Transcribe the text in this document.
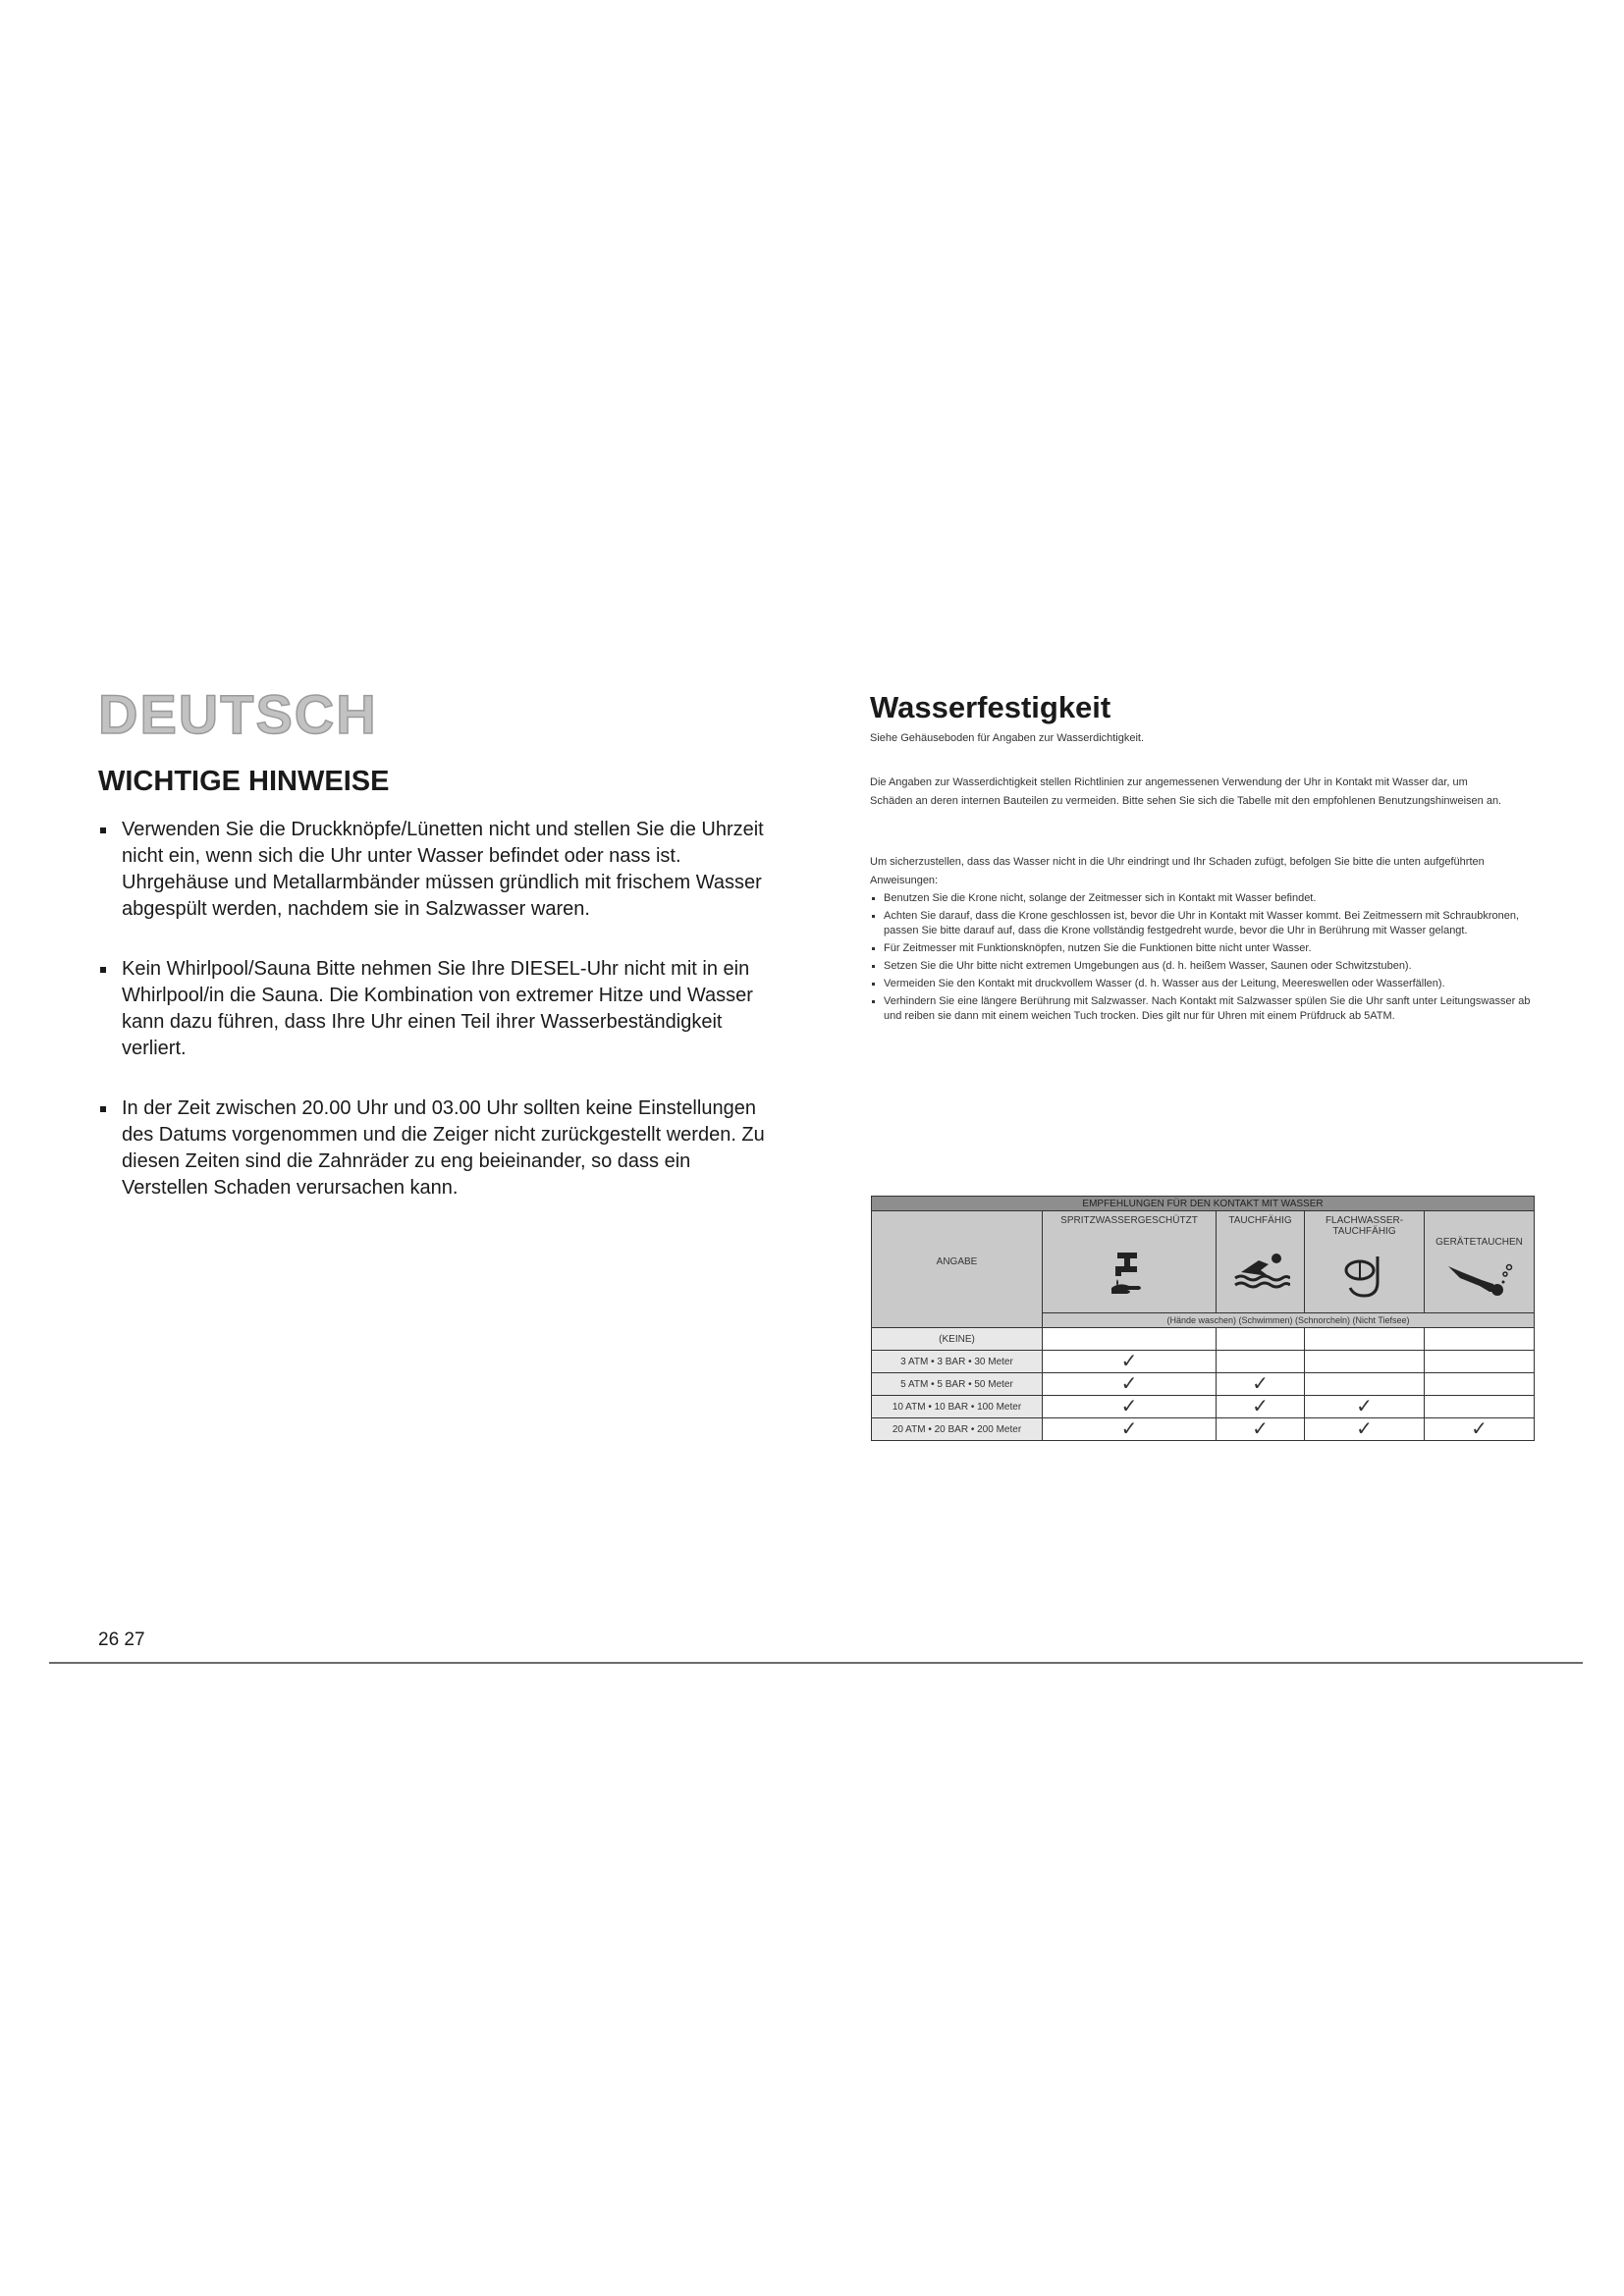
DEUTSCH
WICHTIGE HINWEISE
Verwenden Sie die Druckknöpfe/Lünetten nicht und stellen Sie die Uhrzeit nicht ein, wenn sich die Uhr unter Wasser befindet oder nass ist. Uhrgehäuse und Metallarmbänder müssen gründlich mit frischem Wasser abgespült werden, nachdem sie in Salzwasser waren.
Kein Whirlpool/Sauna Bitte nehmen Sie Ihre DIESEL-Uhr nicht mit in ein Whirlpool/in die Sauna. Die Kombination von extremer Hitze und Wasser kann dazu führen, dass Ihre Uhr einen Teil ihrer Wasserbeständigkeit verliert.
In der Zeit zwischen 20.00 Uhr und 03.00 Uhr sollten keine Einstellungen des Datums vorgenommen und die Zeiger nicht zurückgestellt werden. Zu diesen Zeiten sind die Zahnräder zu eng beieinander, so dass ein Verstellen Schaden verursachen kann.
26 27
Wasserfestigkeit
Siehe Gehäuseboden für Angaben zur Wasserdichtigkeit.

Die Angaben zur Wasserdichtigkeit stellen Richtlinien zur angemessenen Verwendung der Uhr in Kontakt mit Wasser dar, um Schäden an deren internen Bauteilen zu vermeiden. Bitte sehen Sie sich die Tabelle mit den empfohlenen Benutzungshinweisen an.

Um sicherzustellen, dass das Wasser nicht in die Uhr eindringt und Ihr Schaden zufügt, befolgen Sie bitte die unten aufgeführten Anweisungen:

Benutzen Sie die Krone nicht, solange der Zeitmesser sich in Kontakt mit Wasser befindet.
Achten Sie darauf, dass die Krone geschlossen ist, bevor die Uhr in Kontakt mit Wasser kommt. Bei Zeitmessern mit Schraubkronen, passen Sie bitte darauf auf, dass die Krone vollständig festgedreht wurde, bevor die Uhr in Berührung mit Wasser gelangt.
Für Zeitmesser mit Funktionsknöpfen, nutzen Sie die Funktionen bitte nicht unter Wasser.
Setzen Sie die Uhr bitte nicht extremen Umgebungen aus (d. h. heißem Wasser, Saunen oder Schwitzstuben).
Vermeiden Sie den Kontakt mit druckvollem Wasser (d. h. Wasser aus der Leitung, Meereswellen oder Wasserfällen).
Verhindern Sie eine längere Berührung mit Salzwasser. Nach Kontakt mit Salzwasser spülen Sie die Uhr sanft unter Leitungswasser ab und reiben sie dann mit einem weichen Tuch trocken. Dies gilt nur für Uhren mit einem Prüfdruck ab 5ATM.
EMPFEHLUNGEN FÜR DEN KONTAKT MIT WASSER				

ANGABE	SPRITZWASSERGESCHÜTZT	TAUCHFÄHIG	FLACHWASSER-TAUCHFÄHIG	GERÄTETAUCHEN

	(Hände waschen) (Schwimmen) (Schnorcheln) (Nicht Tiefsee)			
(KEINE)				
3 ATM • 3 BAR • 30 Meter	✓			
5 ATM • 5 BAR • 50 Meter	✓	✓		
10 ATM • 10 BAR • 100 Meter	✓	✓	✓	
20 ATM • 20 BAR • 200 Meter	✓	✓	✓	✓
